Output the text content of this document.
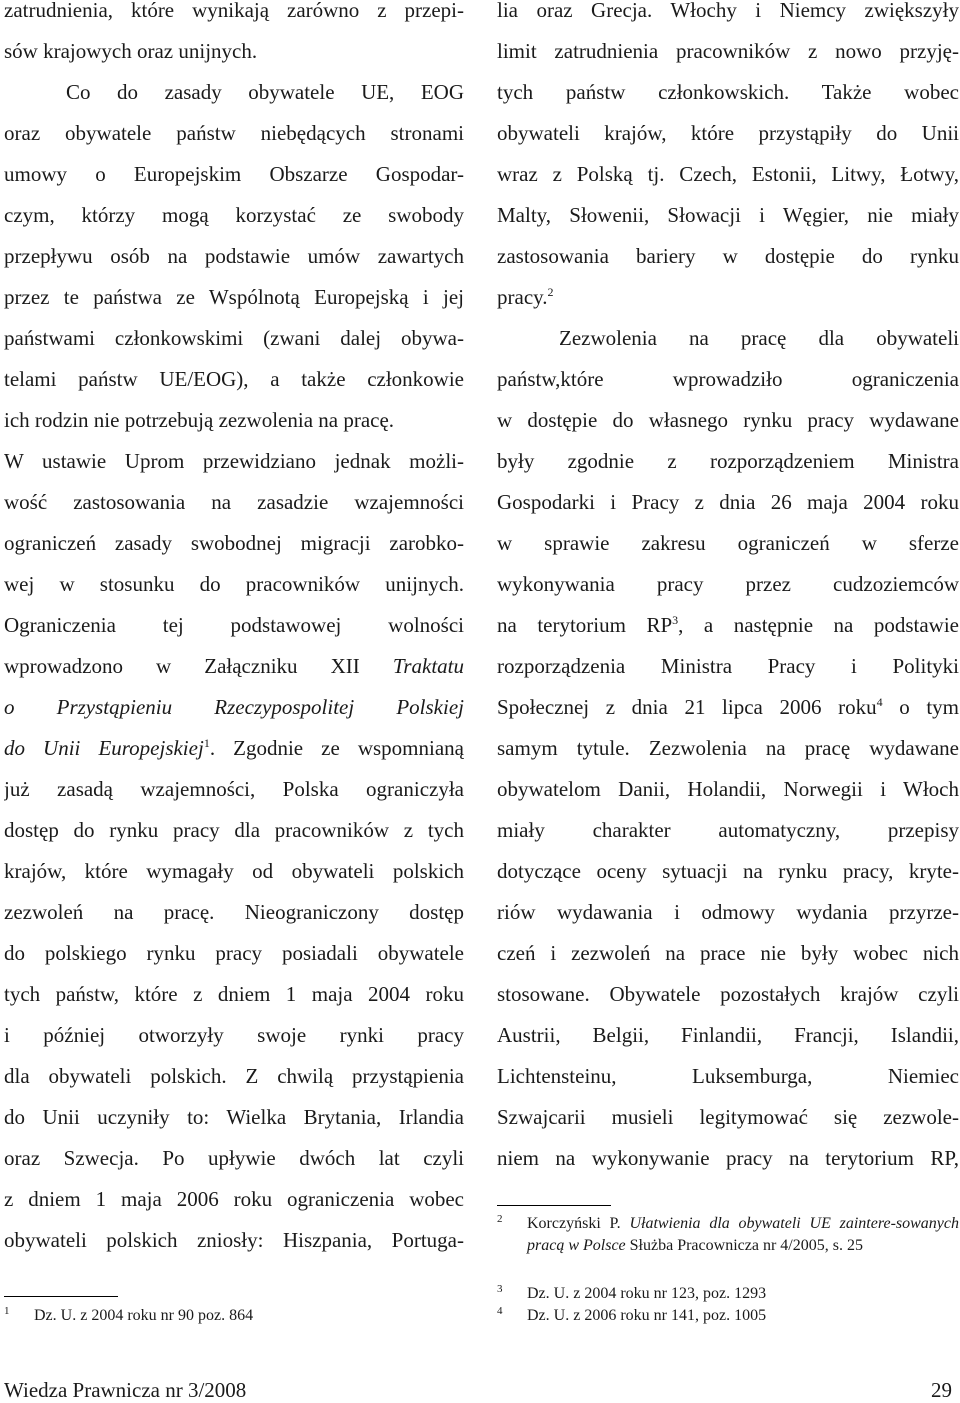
zatrudnienia, które wynikają zarówno z przepi-
sów krajowych oraz unijnych.
Co do zasady obywatele UE, EOG
oraz obywatele państw niebędących stronami
umowy o Europejskim Obszarze Gospodar-
czym, którzy mogą korzystać ze swobody
przepływu osób na podstawie umów zawartych
przez te państwa ze Wspólnotą Europejską i jej
państwami członkowskimi (zwani dalej obywa-
telami państw UE/EOG), a także członkowie
ich rodzin nie potrzebują zezwolenia na pracę.
W ustawie Uprom przewidziano jednak możli-
wość zastosowania na zasadzie wzajemności
ograniczeń zasady swobodnej migracji zarobko-
wej w stosunku do pracowników unijnych.
Ograniczenia tej podstawowej wolności
wprowadzono w Załączniku XII Traktatu
o Przystąpieniu Rzeczypospolitej Polskiej
do Unii Europejskiej$^1$. Zgodnie ze wspomnianą
już zasadą wzajemności, Polska ograniczyła
dostęp do rynku pracy dla pracowników z tych
krajów, które wymagały od obywateli polskich
zezwoleń na pracę. Nieograniczony dostęp
do polskiego rynku pracy posiadali obywatele
tych państw, które z dniem 1 maja 2004 roku
i później otworzyły swoje rynki pracy
dla obywateli polskich. Z chwilą przystąpienia
do Unii uczyniły to: Wielka Brytania, Irlandia
oraz Szwecja. Po upływie dwóch lat czyli
z dniem 1 maja 2006 roku ograniczenia wobec
obywateli polskich zniosły: Hiszpania, Portuga-
lia oraz Grecja. Włochy i Niemcy zwiększyły
limit zatrudnienia pracowników z nowo przyję-
tych państw członkowskich. Także wobec
obywateli krajów, które przystąpiły do Unii
wraz z Polską tj. Czech, Estonii, Litwy, Łotwy,
Malty, Słowenii, Słowacji i Węgier, nie miały
zastosowania bariery w dostępie do rynku
pracy.$^2$
Zezwolenia na pracę dla obywateli
państw,które wprowadziło ograniczenia
w dostępie do własnego rynku pracy wydawane
były zgodnie z rozporządzeniem Ministra
Gospodarki i Pracy z dnia 26 maja 2004 roku
w sprawie zakresu ograniczeń w sferze
wykonywania pracy przez cudzoziemców
na terytorium $RP^3$, a następnie na podstawie
rozporządzenia Ministra Pracy i Polityki
Społecznej z dnia 21 lipca 2006 roku$^4$ o tym
samym tytule. Zezwolenia na pracę wydawane
obywatelom Danii, Holandii, Norwegii i Włoch
miały charakter automatyczny, przepisy
dotyczące oceny sytuacji na rynku pracy, kryte-
riów wydawania i odmowy wydania przyrze-
czeń i zezwoleń na prace nie były wobec nich
stosowane. Obywatele pozostałych krajów czyli
Austrii, Belgii, Finlandii, Francji, Islandii,
Lichtensteinu, Luksemburga, Niemiec
Szwajcarii musieli legitymować się zezwole-
niem na wykonywanie pracy na terytorium RP,
1 Dz. U. z 2004 roku nr 90 poz. 864
2 Korczyński P. Ułatwienia dla obywateli UE zaintere-sowanych pracą w Polsce Służba Pracownicza nr 4/2005, s. 25
3 Dz. U. z 2004 roku nr 123, poz. 1293
4 Dz. U. z 2006 roku nr 141, poz. 1005
Wiedza Prawnicza nr 3/2008	29
